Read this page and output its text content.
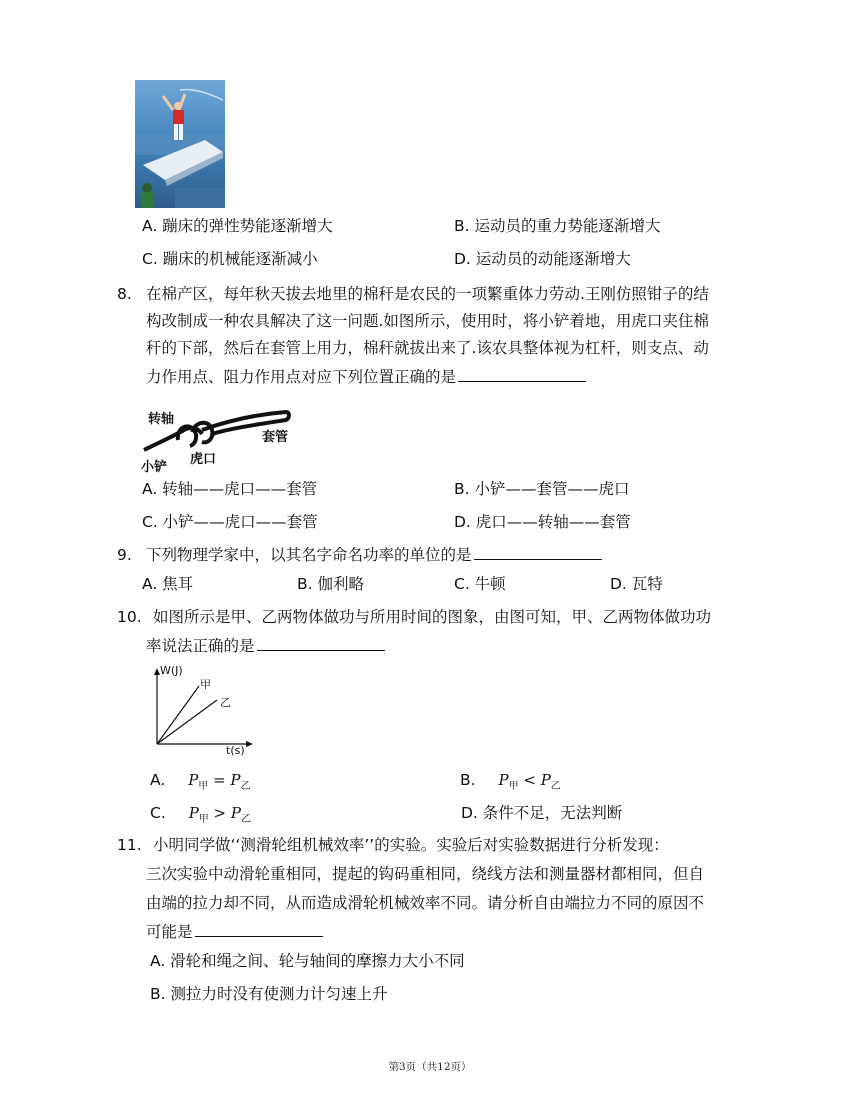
A. 蹦床的弹性势能逐渐增大	B. 运动员的重力势能逐渐增大
C. 蹦床的机械能逐渐减小	D. 运动员的动能逐渐增大
8. 在棉产区，每年秋天拔去地里的棉秆是农民的一项繁重体力劳动.王刚仿照钳子的结
构改制成一种农具解决了这一问题.如图所示，使用时，将小铲着地，用虎口夹住棉
秆的下部，然后在套管上用力，棉秆就拔出来了.该农具整体视为杠杆，则支点、动
力作用点、阻力作用点对应下列位置正确的是
转轴
套管
小铲
虎口
A. 转轴——虎口——套管	B. 小铲——套管——虎口
C. 小铲——虎口——套管	D. 虎口——转轴——套管
9. 下列物理学家中，以其名字命名功率的单位的是
A. 焦耳	B. 伽利略	C. 牛顿	D. 瓦特
10. 如图所示是甲、乙两物体做功与所用时间的图象，由图可知，甲、乙两物体做功功
率说法正确的是
W(J)
t(s)
甲
乙
A. $P_甲 = P_乙$	B. $P_甲 < P_乙$
C. $P_甲 > P_乙$	D. 条件不足，无法判断
11. 小明同学做‘‘测滑轮组机械效率’’的实验。实验后对实验数据进行分析发现：
三次实验中动滑轮重相同，提起的钩码重相同，绕线方法和测量器材都相同，但自
由端的拉力却不同，从而造成滑轮机械效率不同。请分析自由端拉力不同的原因不
可能是
A. 滑轮和绳之间、轮与轴间的摩擦力大小不同
B. 测拉力时没有使测力计匀速上升
第3页（共12页）
